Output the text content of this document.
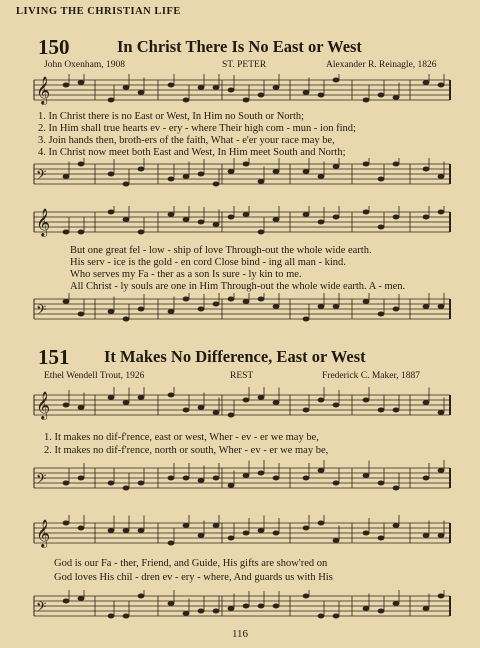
LIVING THE CHRISTIAN LIFE
150	In Christ There Is No East or West
John Oxenham, 1908	ST. PETER	Alexander R. Reinagle, 1826
𝄞
1. In Christ there is no East or West, In Him no South or North;
2. In Him shall true hearts ev - ery - where Their high com - mun - ion find;
3. Join hands then, broth-ers of the faith, What - e'er your race may be,
4. In Christ now meet both East and West, In Him meet South and North;
𝄢
𝄞
But one great fel - low - ship of love Through-out the whole wide earth.
His serv - ice is the gold - en cord Close bind - ing all man - kind.
Who serves my Fa - ther as a son Is sure - ly kin to me.
All Christ - ly souls are one in Him Through-out the whole wide earth. A - men.
𝄢
151 It Makes No Difference, East or West
Ethel Wendell Trout, 1926	REST	Frederick C. Maker, 1887
𝄞
1. It makes no dif-f'rence, east or west, Wher - ev - er we may be,
2. It makes no dif-f'rence, north or south, Wher - ev - er we may be,
𝄢
𝄞
God is our Fa - ther, Friend, and Guide, His gifts are show'red on
God loves His chil - dren ev - ery - where, And guards us with His
𝄢
116
